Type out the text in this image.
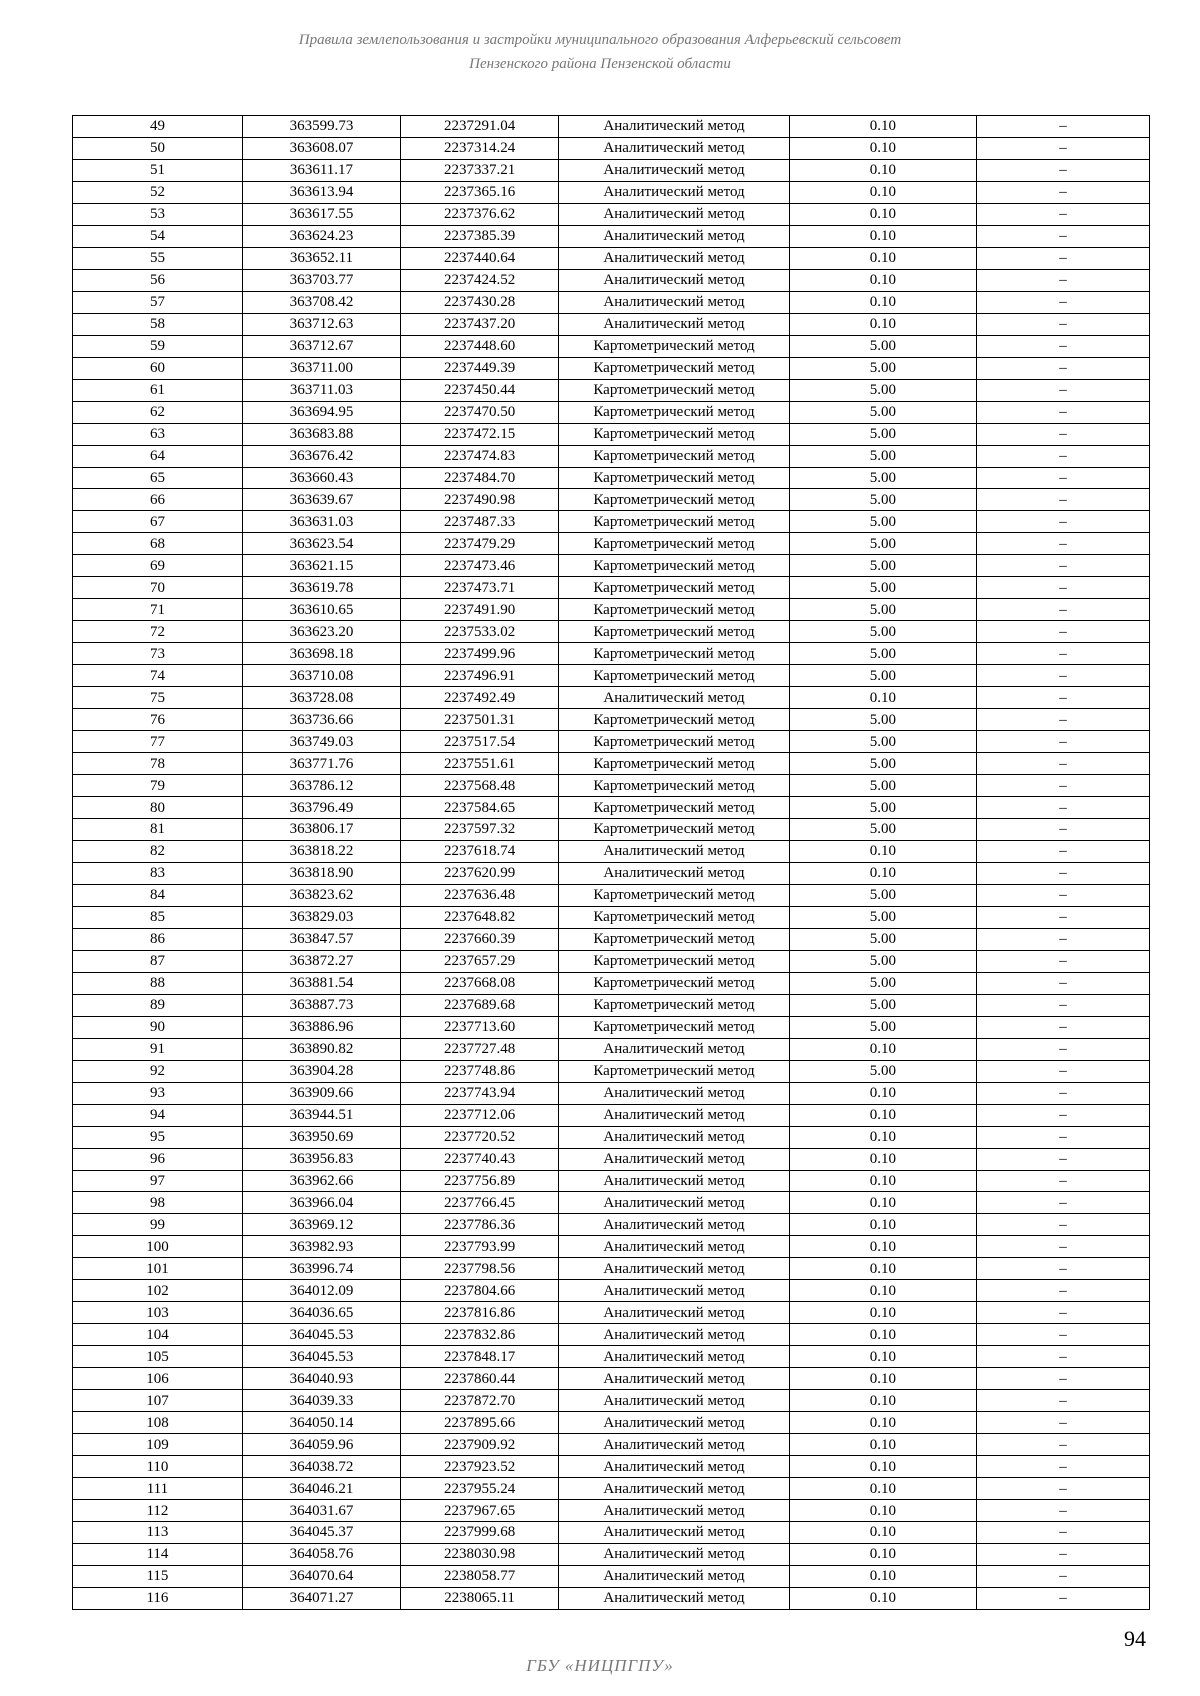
Правила землепользования и застройки муниципального образования Алферьевский сельсовет
Пензенского района Пензенской области
49	363599.73	2237291.04	Аналитический метод	0.10	–
50	363608.07	2237314.24	Аналитический метод	0.10	–
51	363611.17	2237337.21	Аналитический метод	0.10	–
52	363613.94	2237365.16	Аналитический метод	0.10	–
53	363617.55	2237376.62	Аналитический метод	0.10	–
54	363624.23	2237385.39	Аналитический метод	0.10	–
55	363652.11	2237440.64	Аналитический метод	0.10	–
56	363703.77	2237424.52	Аналитический метод	0.10	–
57	363708.42	2237430.28	Аналитический метод	0.10	–
58	363712.63	2237437.20	Аналитический метод	0.10	–
59	363712.67	2237448.60	Картометрический метод	5.00	–
60	363711.00	2237449.39	Картометрический метод	5.00	–
61	363711.03	2237450.44	Картометрический метод	5.00	–
62	363694.95	2237470.50	Картометрический метод	5.00	–
63	363683.88	2237472.15	Картометрический метод	5.00	–
64	363676.42	2237474.83	Картометрический метод	5.00	–
65	363660.43	2237484.70	Картометрический метод	5.00	–
66	363639.67	2237490.98	Картометрический метод	5.00	–
67	363631.03	2237487.33	Картометрический метод	5.00	–
68	363623.54	2237479.29	Картометрический метод	5.00	–
69	363621.15	2237473.46	Картометрический метод	5.00	–
70	363619.78	2237473.71	Картометрический метод	5.00	–
71	363610.65	2237491.90	Картометрический метод	5.00	–
72	363623.20	2237533.02	Картометрический метод	5.00	–
73	363698.18	2237499.96	Картометрический метод	5.00	–
74	363710.08	2237496.91	Картометрический метод	5.00	–
75	363728.08	2237492.49	Аналитический метод	0.10	–
76	363736.66	2237501.31	Картометрический метод	5.00	–
77	363749.03	2237517.54	Картометрический метод	5.00	–
78	363771.76	2237551.61	Картометрический метод	5.00	–
79	363786.12	2237568.48	Картометрический метод	5.00	–
80	363796.49	2237584.65	Картометрический метод	5.00	–
81	363806.17	2237597.32	Картометрический метод	5.00	–
82	363818.22	2237618.74	Аналитический метод	0.10	–
83	363818.90	2237620.99	Аналитический метод	0.10	–
84	363823.62	2237636.48	Картометрический метод	5.00	–
85	363829.03	2237648.82	Картометрический метод	5.00	–
86	363847.57	2237660.39	Картометрический метод	5.00	–
87	363872.27	2237657.29	Картометрический метод	5.00	–
88	363881.54	2237668.08	Картометрический метод	5.00	–
89	363887.73	2237689.68	Картометрический метод	5.00	–
90	363886.96	2237713.60	Картометрический метод	5.00	–
91	363890.82	2237727.48	Аналитический метод	0.10	–
92	363904.28	2237748.86	Картометрический метод	5.00	–
93	363909.66	2237743.94	Аналитический метод	0.10	–
94	363944.51	2237712.06	Аналитический метод	0.10	–
95	363950.69	2237720.52	Аналитический метод	0.10	–
96	363956.83	2237740.43	Аналитический метод	0.10	–
97	363962.66	2237756.89	Аналитический метод	0.10	–
98	363966.04	2237766.45	Аналитический метод	0.10	–
99	363969.12	2237786.36	Аналитический метод	0.10	–
100	363982.93	2237793.99	Аналитический метод	0.10	–
101	363996.74	2237798.56	Аналитический метод	0.10	–
102	364012.09	2237804.66	Аналитический метод	0.10	–
103	364036.65	2237816.86	Аналитический метод	0.10	–
104	364045.53	2237832.86	Аналитический метод	0.10	–
105	364045.53	2237848.17	Аналитический метод	0.10	–
106	364040.93	2237860.44	Аналитический метод	0.10	–
107	364039.33	2237872.70	Аналитический метод	0.10	–
108	364050.14	2237895.66	Аналитический метод	0.10	–
109	364059.96	2237909.92	Аналитический метод	0.10	–
110	364038.72	2237923.52	Аналитический метод	0.10	–
111	364046.21	2237955.24	Аналитический метод	0.10	–
112	364031.67	2237967.65	Аналитический метод	0.10	–
113	364045.37	2237999.68	Аналитический метод	0.10	–
114	364058.76	2238030.98	Аналитический метод	0.10	–
115	364070.64	2238058.77	Аналитический метод	0.10	–
116	364071.27	2238065.11	Аналитический метод	0.10	–
94
ГБУ «НИЦПГПУ»
